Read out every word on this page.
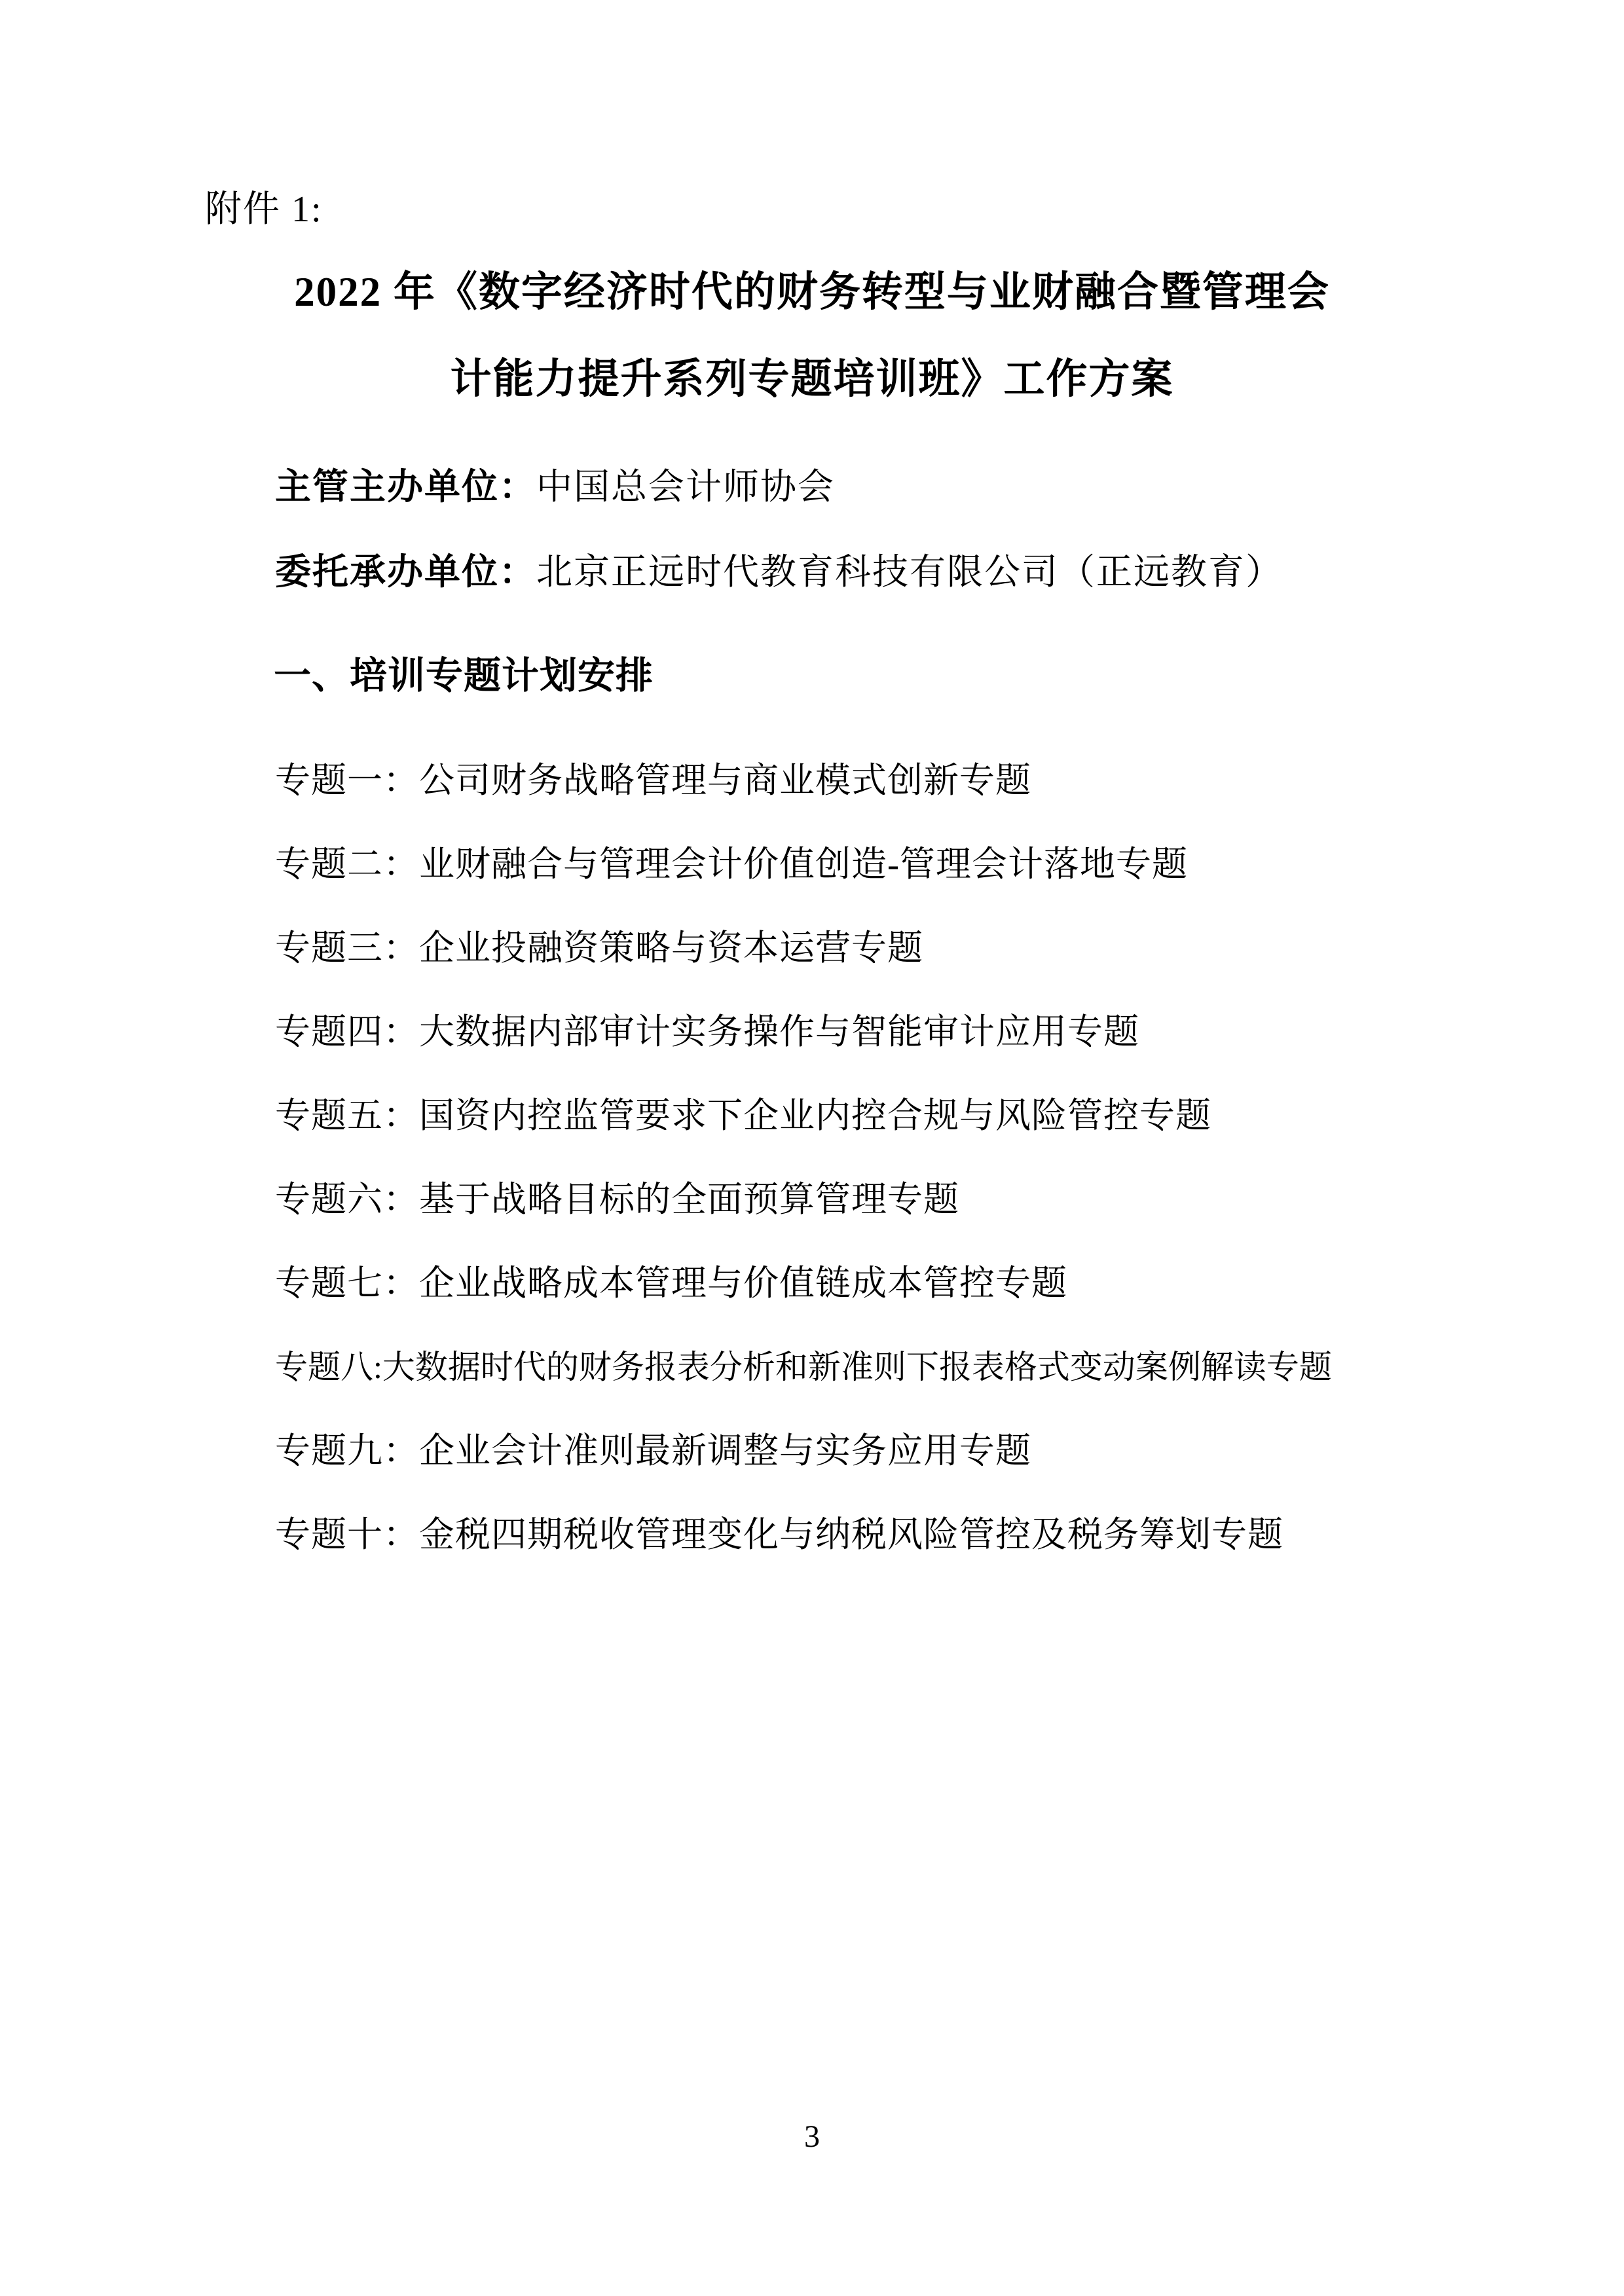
附件 1:
2022 年《数字经济时代的财务转型与业财融合暨管理会
计能力提升系列专题培训班》工作方案
主管主办单位：中国总会计师协会
委托承办单位：北京正远时代教育科技有限公司（正远教育）
一、培训专题计划安排
专题一：公司财务战略管理与商业模式创新专题
专题二：业财融合与管理会计价值创造-管理会计落地专题
专题三：企业投融资策略与资本运营专题
专题四：大数据内部审计实务操作与智能审计应用专题
专题五：国资内控监管要求下企业内控合规与风险管控专题
专题六：基于战略目标的全面预算管理专题
专题七：企业战略成本管理与价值链成本管控专题
专题八:大数据时代的财务报表分析和新准则下报表格式变动案例解读专题
专题九：企业会计准则最新调整与实务应用专题
专题十：金税四期税收管理变化与纳税风险管控及税务筹划专题
3
